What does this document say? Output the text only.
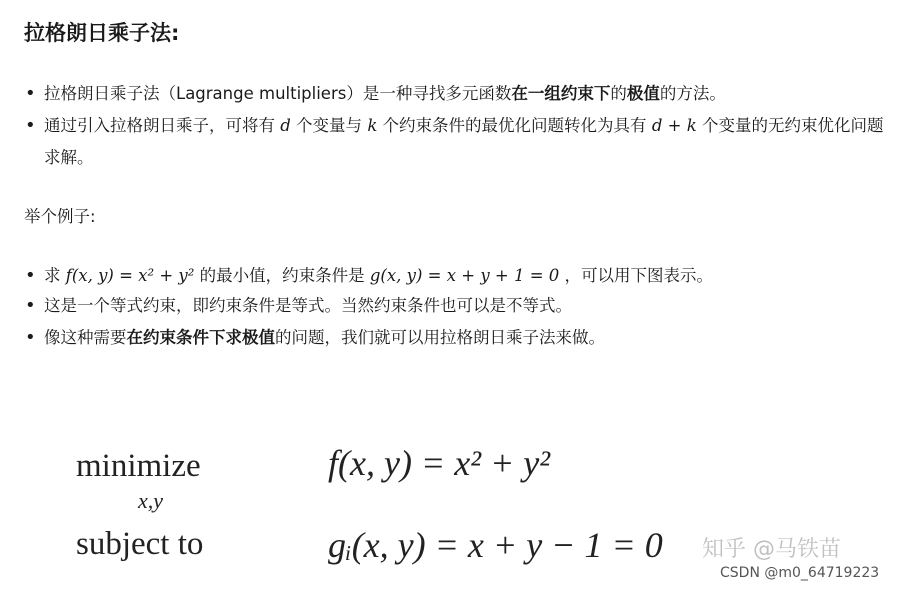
拉格朗日乘子法:
• 拉格朗日乘子法（Lagrange multipliers）是一种寻找多元函数在一组约束下的极值的方法。
• 通过引入拉格朗日乘子，可将有 d 个变量与 k 个约束条件的最优化问题转化为具有 d + k 个变量的无约束优化问题求解。
举个例子:
• 求 f(x, y) = x² + y² 的最小值，约束条件是 g(x, y) = x + y + 1 = 0 ，可以用下图表示。
• 这是一个等式约束，即约束条件是等式。当然约束条件也可以是不等式。
• 像这种需要在约束条件下求极值的问题，我们就可以用拉格朗日乘子法来做。
minimize
x,y
f(x, y) = x² + y²
subject to	gᵢ(x, y) = x + y − 1 = 0 知乎 @马铁苗
CSDN @m0_64719223
